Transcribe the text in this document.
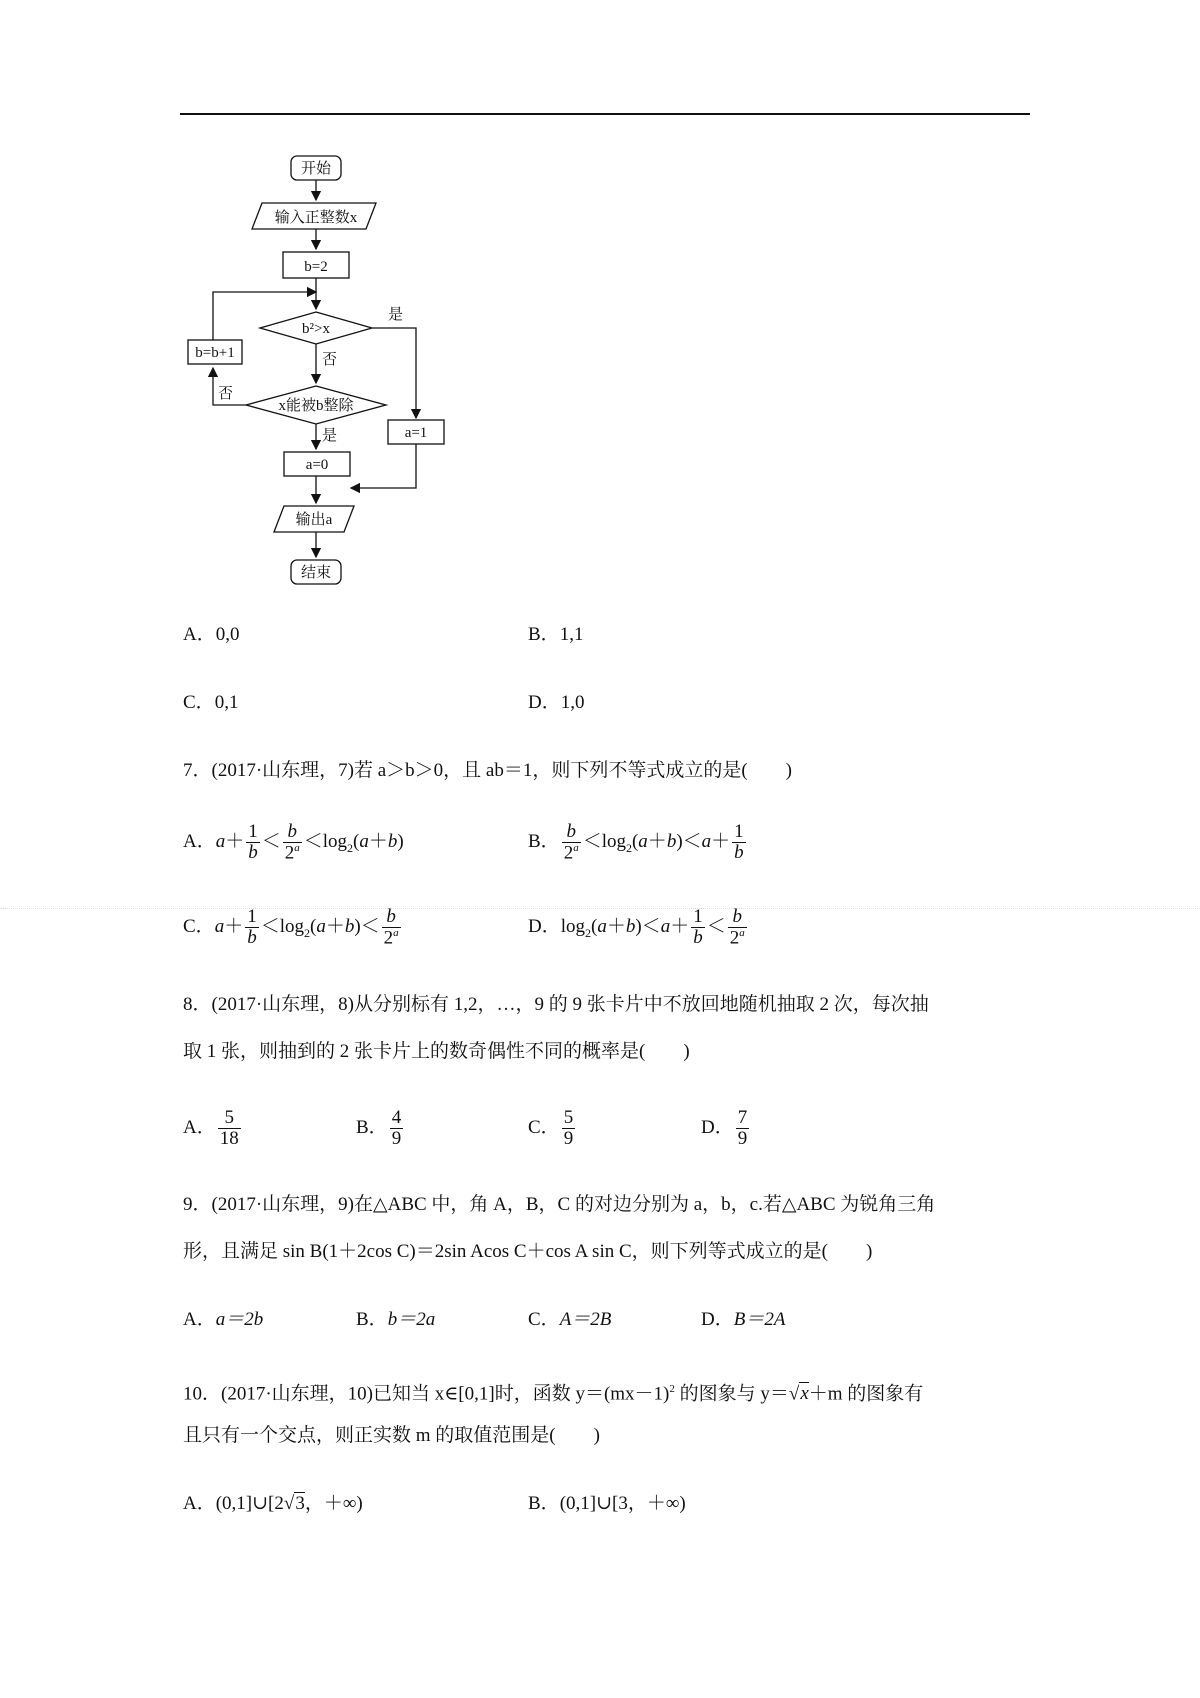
开始
输入正整数x
b=2
b²>x
是
否
x能被b整除
否
是
b=b+1
a=1
a=0
输出a
结束
A．0,0	B．1,1
C．0,1	D．1,0
7．(2017·山东理，7)若 a＞b＞0，且 ab＝1，则下列不等式成立的是(　　)
A．$a+ \frac{1}{b} < \frac{b}{2^a} <\log_2(a+b)$	B． $\frac{b}{2^a} <\log_2(a+b)<a+ \frac{1}{b}$
C．$a+ \frac{1}{b} <\log_2(a+b)< \frac{b}{2^a}$	D．$\log_2(a+b)<a+ \frac{1}{b} < \frac{b}{2^a}$
8．(2017·山东理，8)从分别标有 1,2，…，9 的 9 张卡片中不放回地随机抽取 2 次，每次抽
取 1 张，则抽到的 2 张卡片上的数奇偶性不同的概率是(　　)
A． $\frac{5}{18}$	B． $\frac{4}{9}$	C． $\frac{5}{9}$	D． $\frac{7}{9}$
9．(2017·山东理，9)在△ABC 中，角 A，B，C 的对边分别为 a，b，c.若△ABC 为锐角三角
形，且满足 sin B(1＋2cos C)＝2sin Acos C＋cos A sin C，则下列等式成立的是(　　)
A．a＝2b	B．b＝2a	C．A＝2B	D．B＝2A
10．(2017·山东理，10)已知当 x∈[0,1]时，函数 $y=(mx-1)^2$ 的图象与 y＝√x＋m 的图象有
且只有一个交点，则正实数 m 的取值范围是(　　)
A．(0,1]∪[2√3，＋∞)	B．(0,1]∪[3，＋∞)
